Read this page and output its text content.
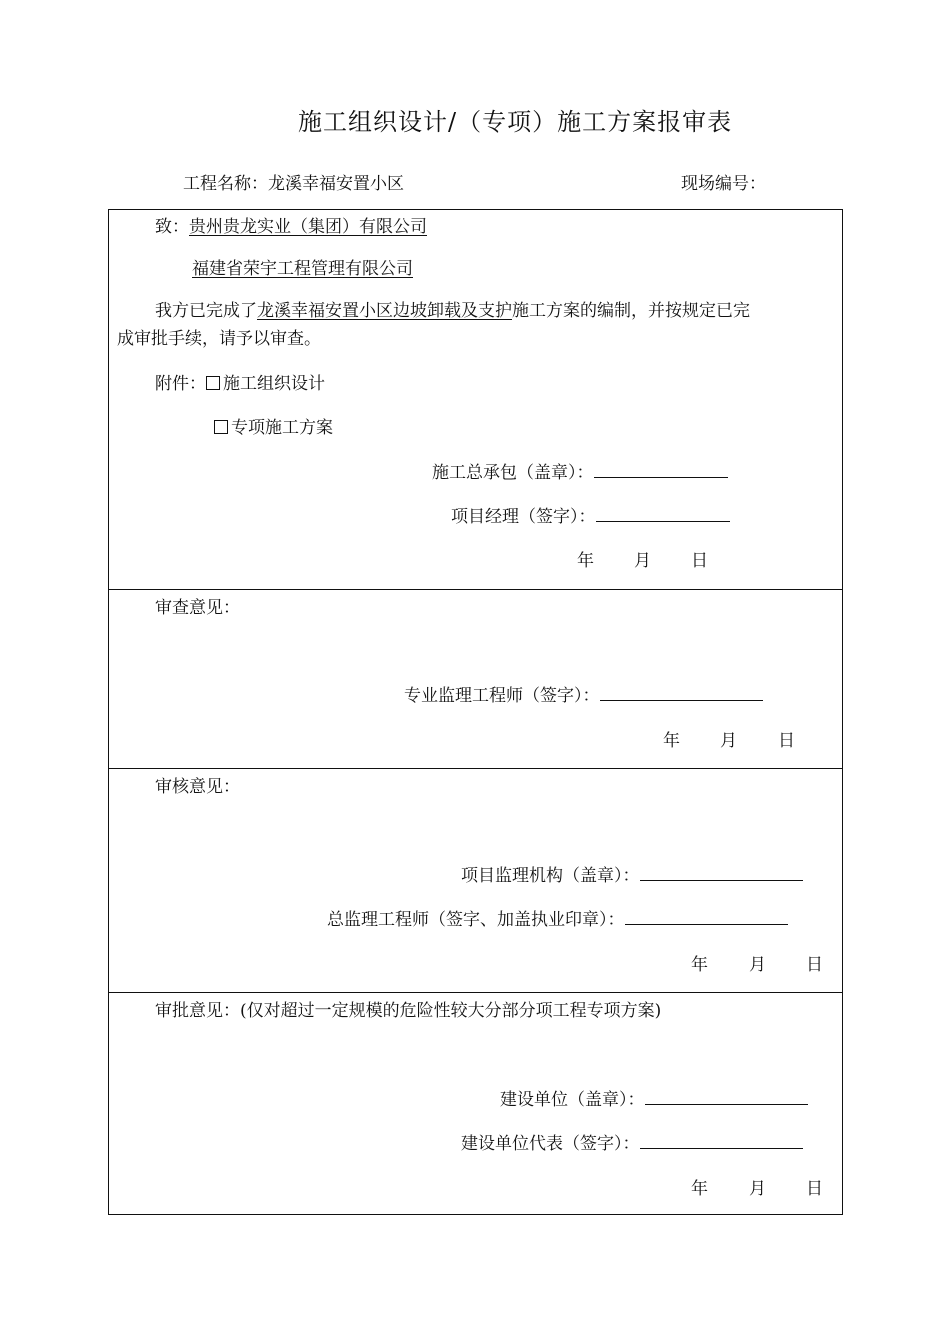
施工组织设计/（专项）施工方案报审表
工程名称：龙溪幸福安置小区	现场编号：
致：贵州贵龙实业（集团）有限公司
福建省荣宇工程管理有限公司
我方已完成了龙溪幸福安置小区边坡卸载及支护施工方案的编制，并按规定已完
成审批手续，请予以审查。
附件： 施工组织设计
专项施工方案
施工总承包（盖章）：
项目经理（签字）：
年 月 日
审查意见：
专业监理工程师（签字）：
年 月 日
审核意见：
项目监理机构（盖章）：
总监理工程师（签字、加盖执业印章）：
年 月 日
审批意见：(仅对超过一定规模的危险性较大分部分项工程专项方案)
建设单位（盖章）：
建设单位代表（签字）：
年 月 日
